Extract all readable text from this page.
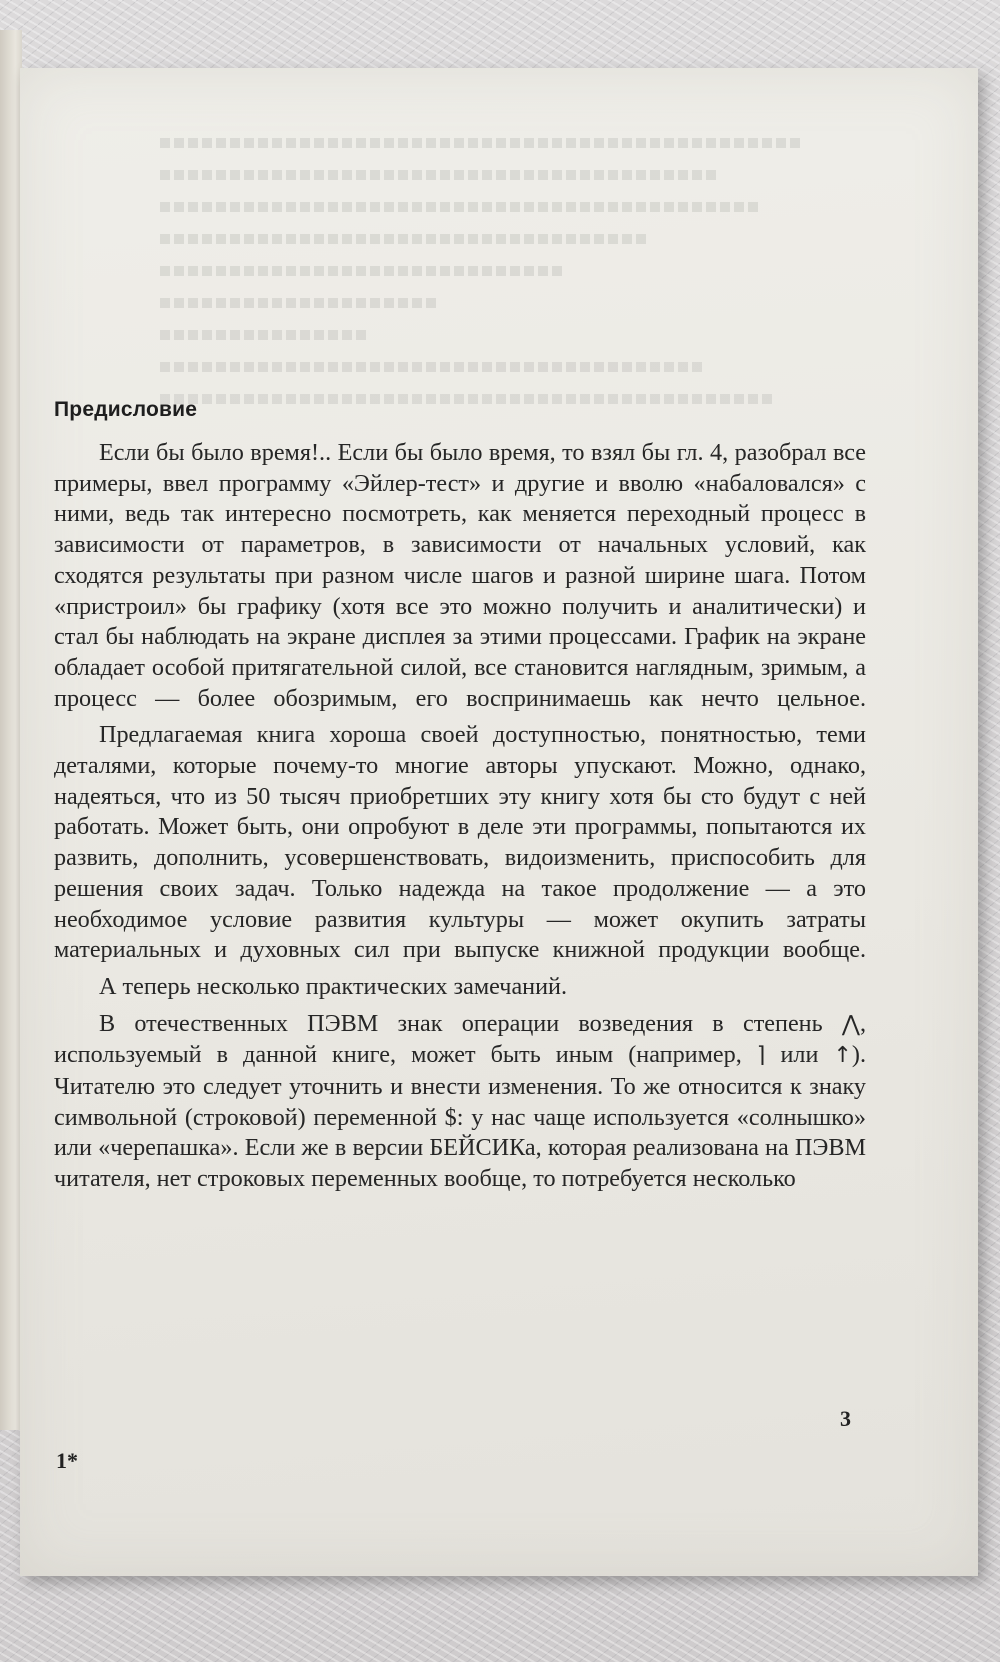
Предисловие

Если бы было время!.. Если бы было время, то взял бы гл. 4, разобрал все примеры, ввел программу «Эйлер-тест» и другие и вволю «набаловался» с ними, ведь так интересно посмотреть, как меняется переходный процесс в зависимости от параметров, в зависимости от начальных условий, как сходятся результаты при разном числе шагов и разной ширине шага. Потом «пристроил» бы графику (хотя все это можно получить и аналитически) и стал бы наблюдать на экране дисплея за этими процессами. График на экране обладает особой притягательной силой, все становится наглядным, зримым, а процесс — более обозримым, его воспринимаешь как нечто цельное.

Предлагаемая книга хороша своей доступностью, понятностью, теми деталями, которые почему-то многие авторы упускают. Можно, однако, надеяться, что из 50 тысяч приобретших эту книгу хотя бы сто будут с ней работать. Может быть, они опробуют в деле эти программы, попытаются их развить, дополнить, усовершенствовать, видоизменить, приспособить для решения своих задач. Только надежда на такое продолжение — а это необходимое условие развития культуры — может окупить затраты материальных и духовных сил при выпуске книжной продукции вообще.

А теперь несколько практических замечаний.

В отечественных ПЭВМ знак операции возведения в степень ⋀, используемый в данной книге, может быть иным (например, ⌉ или ↑). Читателю это следует уточнить и внести изменения. То же относится к знаку символьной (строковой) переменной $: у нас чаще используется «солнышко» или «черепашка». Если же в версии БЕЙСИКа, которая реализована на ПЭВМ читателя, нет строковых переменных вообще, то потребуется несколько

3
1*
